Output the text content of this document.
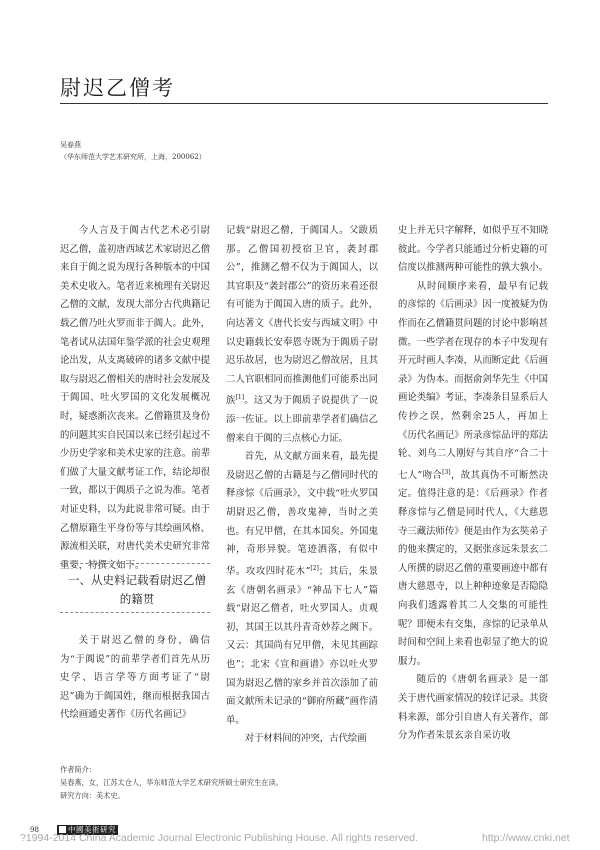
尉迟乙僧考
吴春燕
（华东师范大学艺术研究所，上海，200062）

今人言及于阗古代艺术必引尉迟乙僧，盖初唐西域艺术家尉迟乙僧来自于阗之说为现行各种版本的中国美术史收入。笔者近来梳理有关尉迟乙僧的文献，发现大部分古代典籍记载乙僧乃吐火罗而非于阗人。此外，笔者试从法国年鉴学派的社会史观理论出发，从支离破碎的诸多文献中提取与尉迟乙僧相关的唐时社会发展及于阗国、吐火罗国的文化发展概况时，疑惑渐次丧来。乙僧籍贯及身份的问题其实自民国以来已经引起过不少历史学家和美术史家的注意。前辈们做了大量文献考证工作，结论却很一致，都以于阗质子之说为准。笔者对证史料，以为此说非常可疑。由于乙僧原籍生平身份等与其绘画风格、源流相关联，对唐代美术史研究非常重要，特撰文如下。

一、从史料记载看尉迟乙僧的籍贯

关于尉迟乙僧的身份，确信为“于阗说”的前辈学者们首先从历史学、语言学等方面考证了“尉迟”确为于阗国姓，继而根据我国古代绘画通史著作《历代名画记》

记载“尉迟乙僧，于阗国人。父跋质那。乙僧国初授宿卫官，袭封郡公”，推测乙僧不仅为于阗国人，以其官职及“袭封郡公”的资历来看还很有可能为于阗国入唐的质子。此外，向达著文《唐代长安与西域文明》中以史籍载长安奉恩寺既为于阗质子尉迟乐故居，也为尉迟乙僧故居，且其二人官职相同而推测他们可能系出同族[1]。这又为于阗质子说提供了一说添一佐证。以上即前辈学者们确信乙僧来自于阗的三点核心力证。

首先，从文献方面来看，最先提及尉迟乙僧的古籍是与乙僧同时代的释彦悰《后画录》，文中载“吐火罗国胡尉迟乙僧，善攻鬼神，当时之美也。有兄甲僧，在其本国矣。外国鬼神，奇形异貌。笔迹洒落，有似中华。攻攻四时花木”[2]；其后，朱景玄《唐朝名画录》“神品下七人”篇载“尉迟乙僧者，吐火罗国人。贞观初，其国王以其丹青奇妙荐之阙下。又云：其国尚有兄甲僧，未见其画踪也”；北宋《宣和画谱》亦以吐火罗国为尉迟乙僧的家乡并首次添加了前面文献所未记录的“御府所藏”画作清单。

对于材料间的冲突，古代绘画

史上并无只字解释，如似乎互不知晓彼此。今学者只能通过分析史籍的可信度以推测两种可能性的孰大孰小。

从时间顺序来看，最早有记载的彦悰的《后画录》因一度被疑为伪作而在乙僧籍贯问题的讨论中影响甚微。一些学者在现存的本子中发现有开元时画人李凑，从而断定此《后画录》为伪本。而据俞剑华先生《中国画论类编》考证，李凑条目显系后人传抄之误，然剩余25人，再加上《历代名画记》所录彦悰品评的郑法轮、刘乌二人刚好与其自序“合二十七人”吻合[3]，故其真伪不可断然决定。值得注意的是：《后画录》作者释彦悰与乙僧是同时代人，《大慈恩寺三藏法师传》便是由作为玄奘弟子的他来撰定的，又据张彦远朱景玄二人所撰的尉迟乙僧的重要画迹中都有唐大慈恩寺，以上种种迹象是否隐隐向我们透露着其二人交集的可能性呢？即便未有交集，彦悰的记录单从时间和空间上来看也彰显了绝大的说服力。

随后的《唐朝名画录》是一部关于唐代画家情况的较详记录。其资料来源，部分引自唐人有关著作，部分为作者朱景玄亲自采访收

作者简介：
吴春燕，女，江苏太仓人，华东师范大学艺术研究所硕士研究生在读。
研究方向：美术史。
98	中國美術研究
?1994-2014 China Academic Journal Electronic Publishing House. All rights reserved.	http://www.cnki.net
